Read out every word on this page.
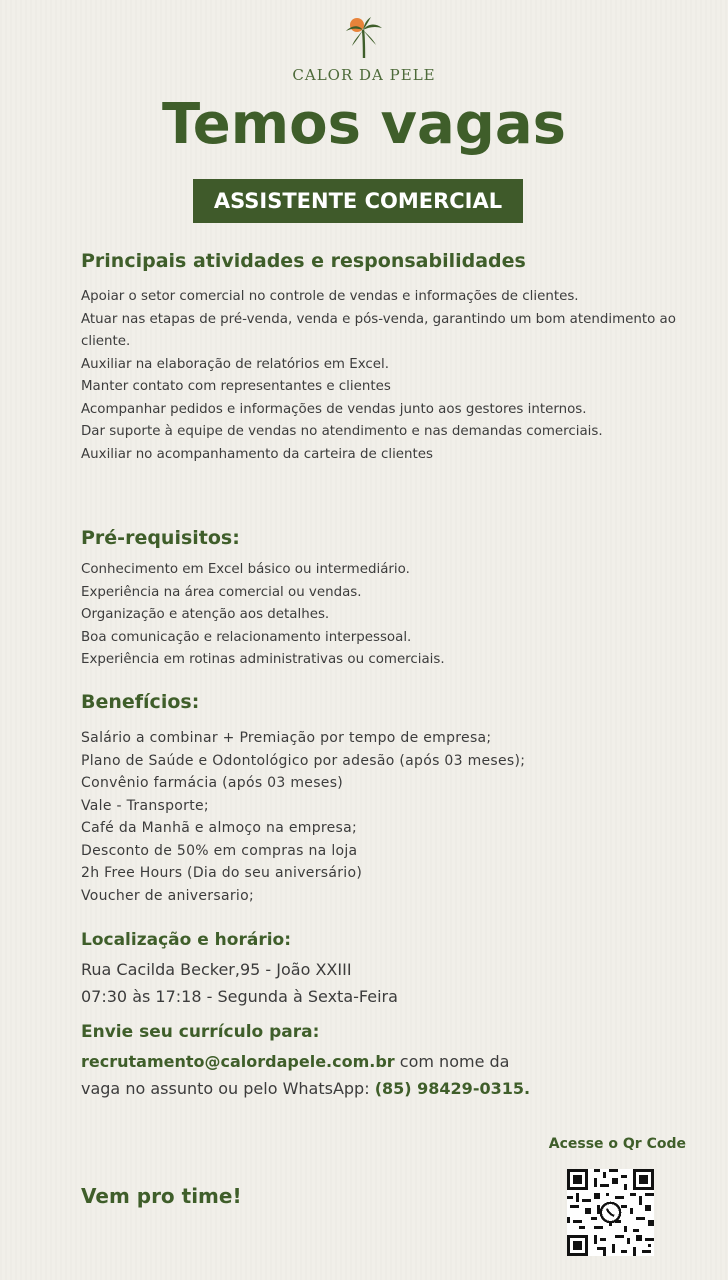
CALOR DA PELE
Temos vagas
ASSISTENTE COMERCIAL
Principais atividades e responsabilidades

Apoiar o setor comercial no controle de vendas e informações de clientes.
Atuar nas etapas de pré-venda, venda e pós-venda, garantindo um bom atendimento ao cliente.
Auxiliar na elaboração de relatórios em Excel.
Manter contato com representantes e clientes
Acompanhar pedidos e informações de vendas junto aos gestores internos.
Dar suporte à equipe de vendas no atendimento e nas demandas comerciais.
Auxiliar no acompanhamento da carteira de clientes

Pré-requisitos:

Conhecimento em Excel básico ou intermediário.
Experiência na área comercial ou vendas.
Organização e atenção aos detalhes.
Boa comunicação e relacionamento interpessoal.
Experiência em rotinas administrativas ou comerciais.

Benefícios:

Salário a combinar + Premiação por tempo de empresa;
Plano de Saúde e Odontológico por adesão (após 03 meses);
Convênio farmácia (após 03 meses)
Vale - Transporte;
Café da Manhã e almoço na empresa;
Desconto de 50% em compras na loja
2h Free Hours (Dia do seu aniversário)
Voucher de aniversario;

Localização e horário:

Rua Cacilda Becker,95 - João XXIII
07:30 às 17:18 - Segunda à Sexta-Feira

Envie seu currículo para:

recrutamento@calordapele.com.br com nome da
vaga no assunto ou pelo WhatsApp: (85) 98429-0315.

Acesse o Qr Code
Vem pro time!
